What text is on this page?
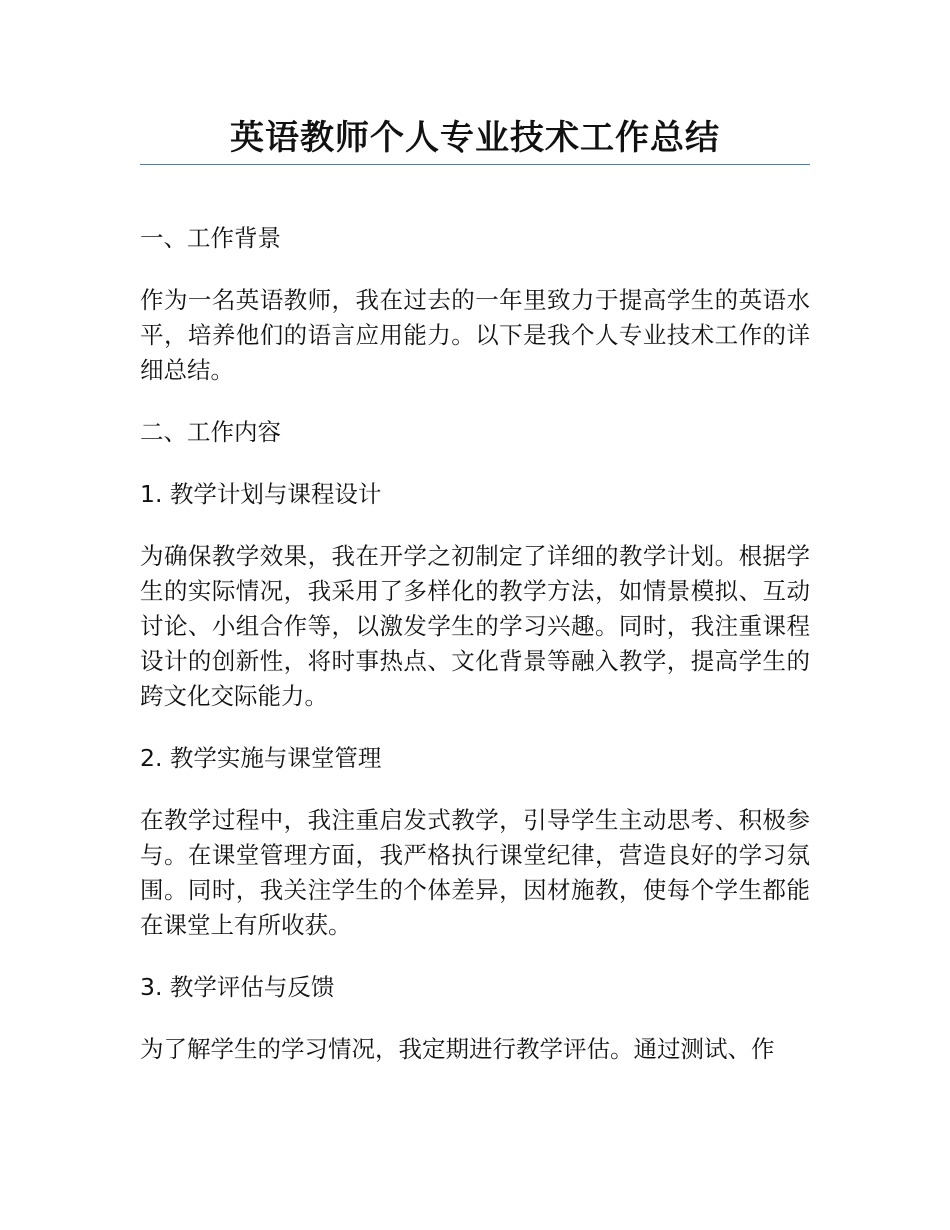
英语教师个人专业技术工作总结

一、工作背景

作为一名英语教师，我在过去的一年里致力于提高学生的英语水平，培养他们的语言应用能力。以下是我个人专业技术工作的详细总结。

二、工作内容

1. 教学计划与课程设计

为确保教学效果，我在开学之初制定了详细的教学计划。根据学生的实际情况，我采用了多样化的教学方法，如情景模拟、互动讨论、小组合作等，以激发学生的学习兴趣。同时，我注重课程设计的创新性，将时事热点、文化背景等融入教学，提高学生的跨文化交际能力。

2. 教学实施与课堂管理

在教学过程中，我注重启发式教学，引导学生主动思考、积极参与。在课堂管理方面，我严格执行课堂纪律，营造良好的学习氛围。同时，我关注学生的个体差异，因材施教，使每个学生都能在课堂上有所收获。

3. 教学评估与反馈

为了解学生的学习情况，我定期进行教学评估。通过测试、作
